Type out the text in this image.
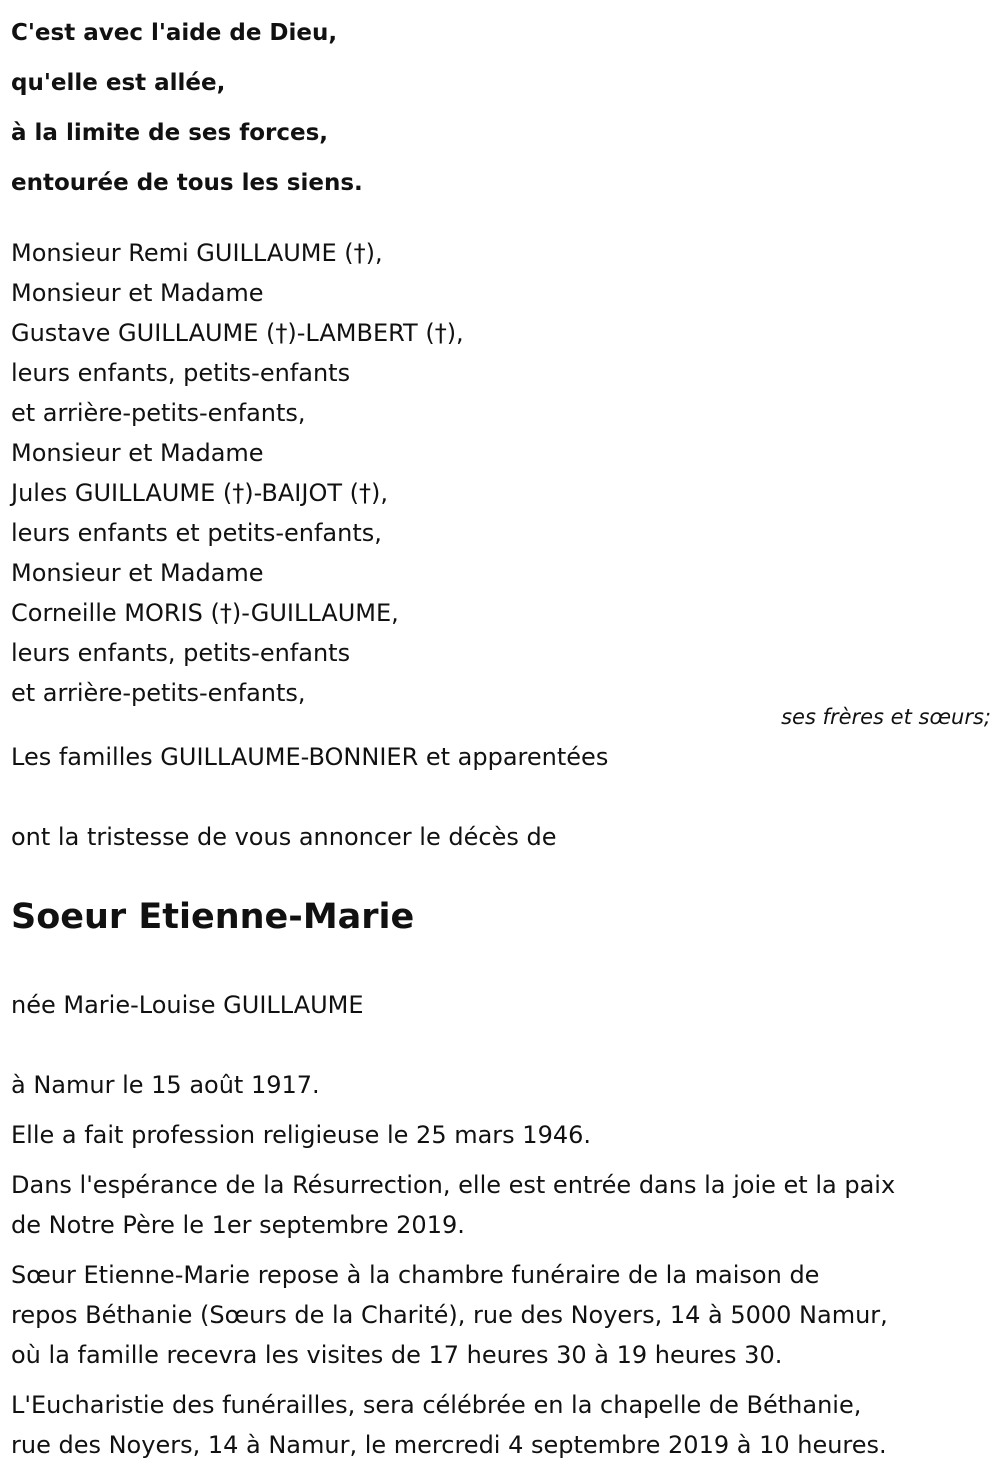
C'est avec l'aide de Dieu,
qu'elle est allée,
à la limite de ses forces,
entourée de tous les siens.
Monsieur Remi GUILLAUME (†),
Monsieur et Madame
Gustave GUILLAUME (†)-LAMBERT (†),
leurs enfants, petits-enfants
et arrière-petits-enfants,
Monsieur et Madame
Jules GUILLAUME (†)-BAIJOT (†),
leurs enfants et petits-enfants,
Monsieur et Madame
Corneille MORIS (†)-GUILLAUME,
leurs enfants, petits-enfants
et arrière-petits-enfants,
ses frères et sœurs;
Les familles GUILLAUME-BONNIER et apparentées
ont la tristesse de vous annoncer le décès de
Soeur Etienne-Marie
née Marie-Louise GUILLAUME

à Namur le 15 août 1917.

Elle a fait profession religieuse le 25 mars 1946.

Dans l'espérance de la Résurrection, elle est entrée dans la joie et la paix
de Notre Père le 1er septembre 2019.

Sœur Etienne-Marie repose à la chambre funéraire de la maison de
repos Béthanie (Sœurs de la Charité), rue des Noyers, 14 à 5000 Namur,
où la famille recevra les visites de 17 heures 30 à 19 heures 30.

L'Eucharistie des funérailles, sera célébrée en la chapelle de Béthanie,
rue des Noyers, 14 à Namur, le mercredi 4 septembre 2019 à 10 heures.
